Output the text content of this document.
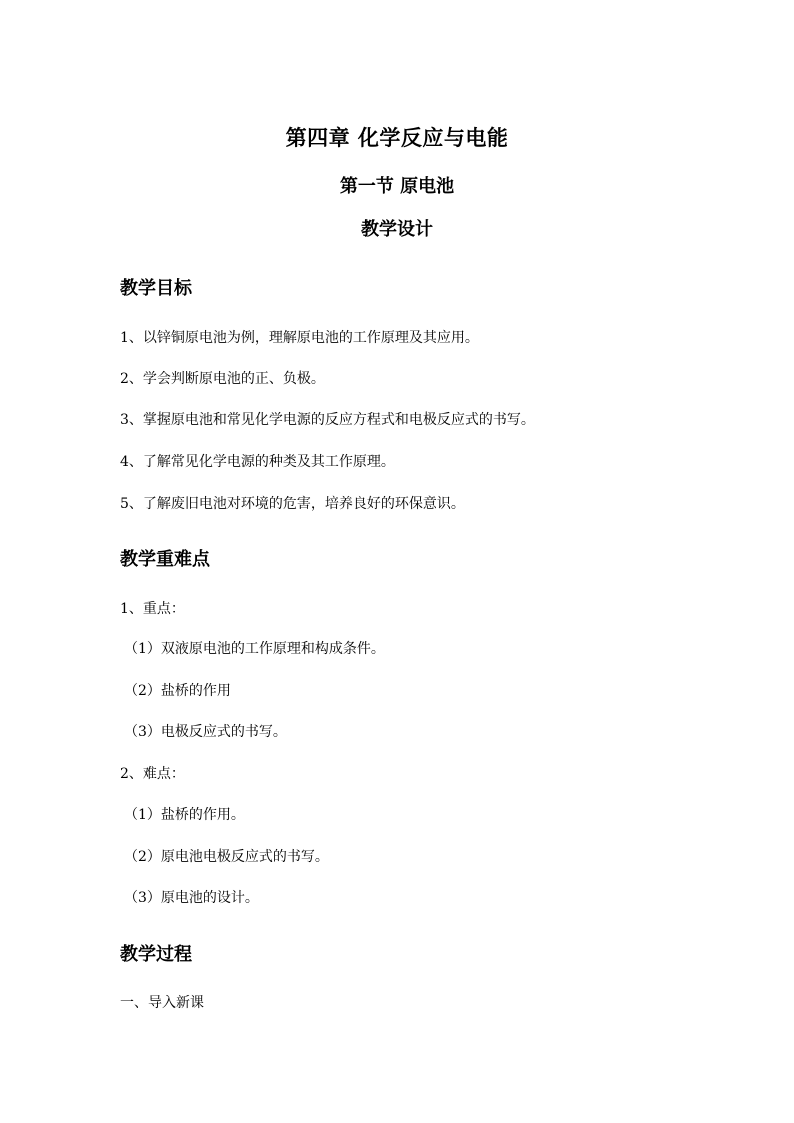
第四章 化学反应与电能
第一节 原电池
教学设计
教学目标
1、以锌铜原电池为例，理解原电池的工作原理及其应用。
2、学会判断原电池的正、负极。
3、掌握原电池和常见化学电源的反应方程式和电极反应式的书写。
4、了解常见化学电源的种类及其工作原理。
5、了解废旧电池对环境的危害，培养良好的环保意识。
教学重难点
1、重点：
（1）双液原电池的工作原理和构成条件。
（2）盐桥的作用
（3）电极反应式的书写。
2、难点：
（1）盐桥的作用。
（2）原电池电极反应式的书写。
（3）原电池的设计。
教学过程
一、导入新课
